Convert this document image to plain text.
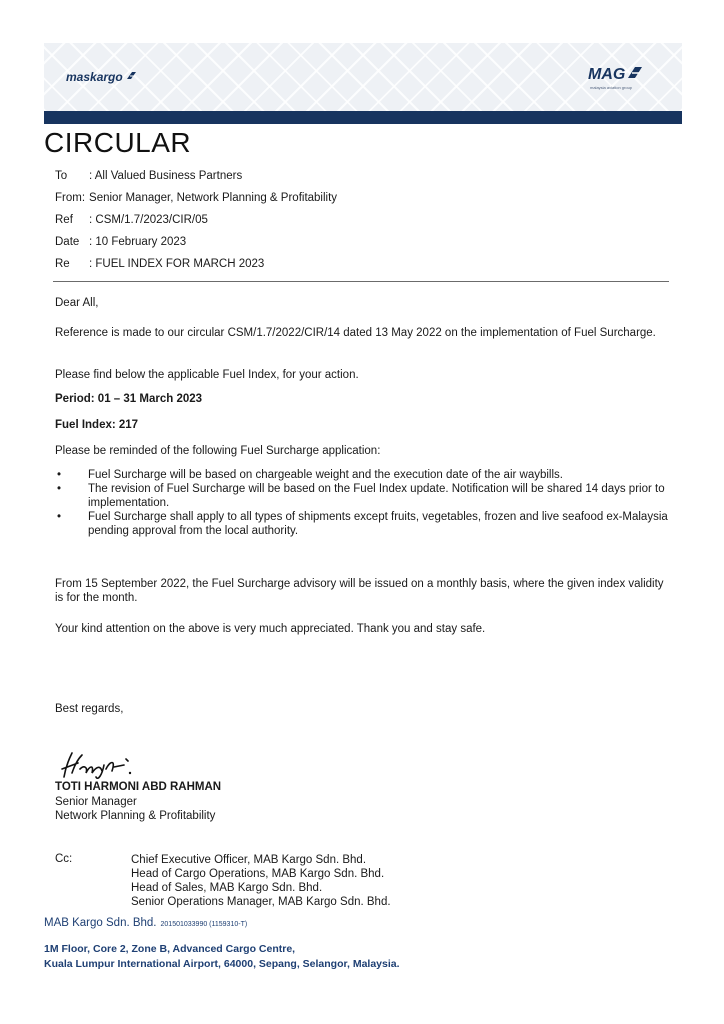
maskargo	MAG
malaysia aviation group
CIRCULAR
To : All Valued Business Partners
From: Senior Manager, Network Planning & Profitability
Ref : CSM/1.7/2023/CIR/05
Date : 10 February 2023
Re : FUEL INDEX FOR MARCH 2023

Dear All,

Reference is made to our circular CSM/1.7/2022/CIR/14 dated 13 May 2022 on the implementation of Fuel Surcharge.

Please find below the applicable Fuel Index, for your action.

Period: 01 – 31 March 2023

Fuel Index: 217

Please be reminded of the following Fuel Surcharge application:

• Fuel Surcharge will be based on chargeable weight and the execution date of the air waybills.
• The revision of Fuel Surcharge will be based on the Fuel Index update. Notification will be shared 14 days prior to implementation.
• Fuel Surcharge shall apply to all types of shipments except fruits, vegetables, frozen and live seafood ex-Malaysia pending approval from the local authority.

From 15 September 2022, the Fuel Surcharge advisory will be issued on a monthly basis, where the given index validity is for the month.

Your kind attention on the above is very much appreciated. Thank you and stay safe.

Best regards,

TOTI HARMONI ABD RAHMAN

Senior Manager

Network Planning & Profitability

Cc:	Chief Executive Officer, MAB Kargo Sdn. Bhd.
Head of Cargo Operations, MAB Kargo Sdn. Bhd.
Head of Sales, MAB Kargo Sdn. Bhd.
Senior Operations Manager, MAB Kargo Sdn. Bhd.
MAB Kargo Sdn. Bhd. 201501033990 (1159310-T)
1M Floor, Core 2, Zone B, Advanced Cargo Centre,
Kuala Lumpur International Airport, 64000, Sepang, Selangor, Malaysia.
